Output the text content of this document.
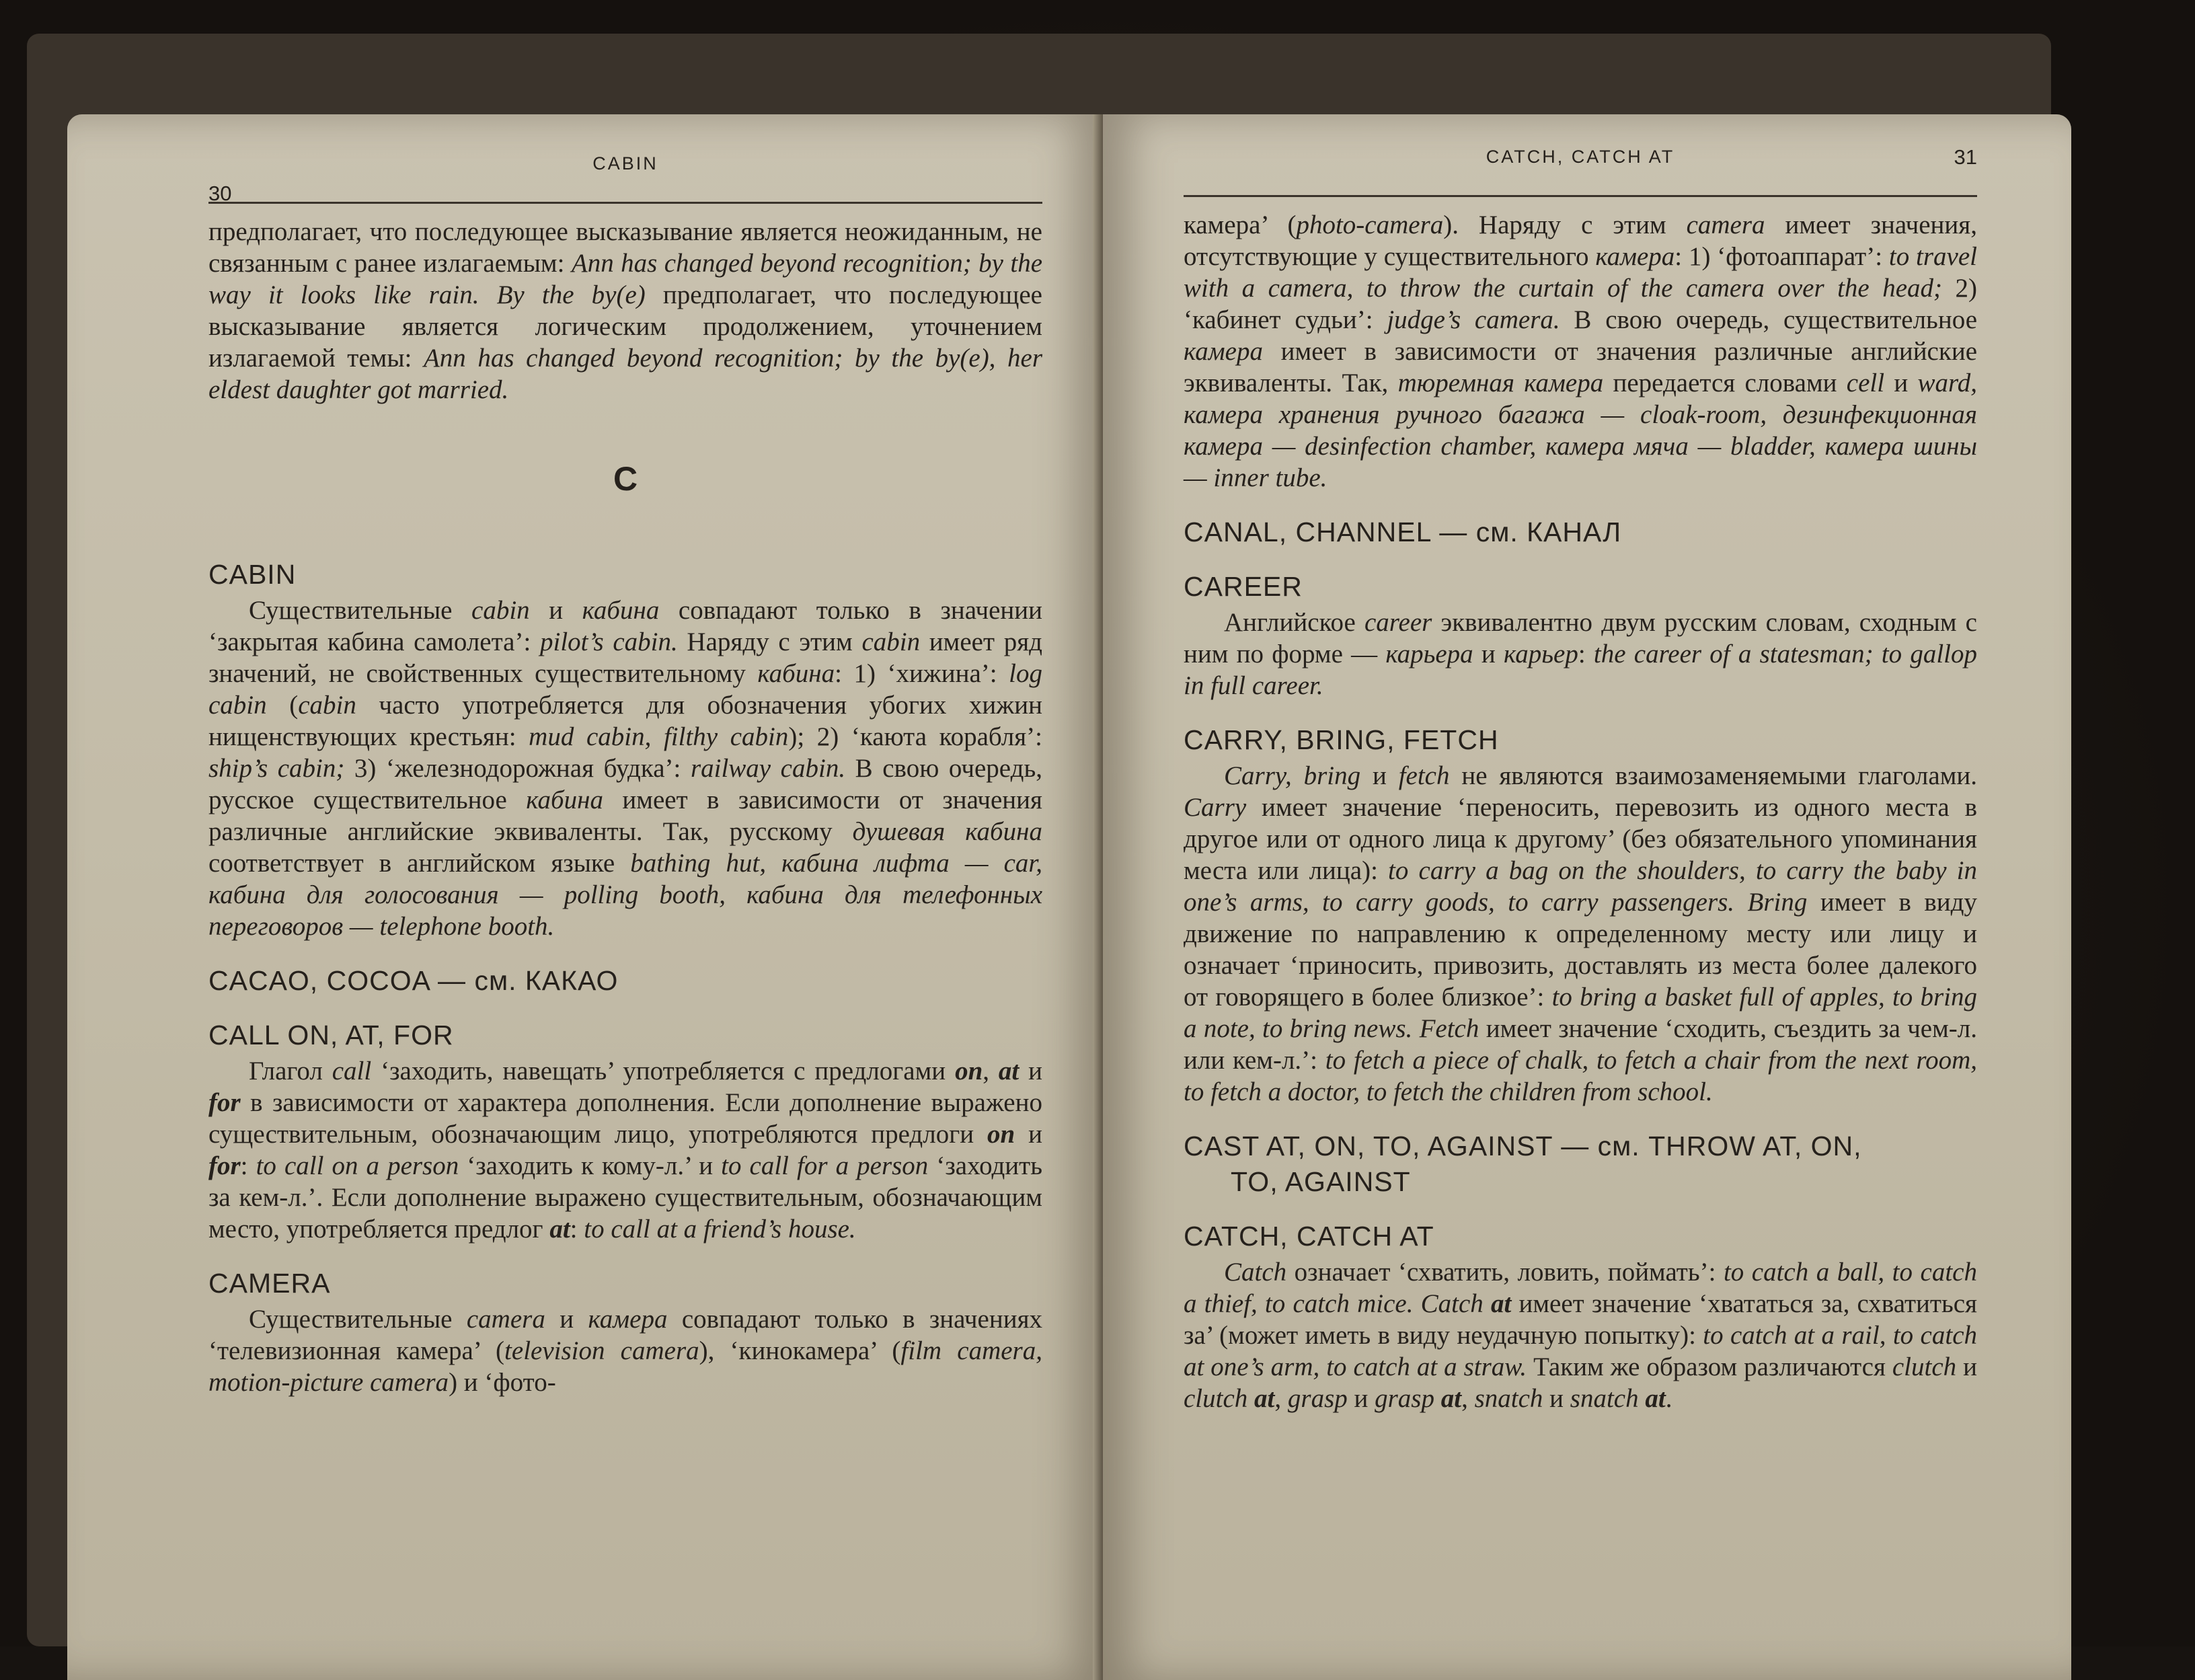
30
CABIN

предполагает, что последующее высказывание является неожиданным, не связанным с ранее излагаемым: Ann has changed beyond recognition; by the way it looks like rain. By the by(e) предполагает, что последующее высказывание является логическим продолжением, уточнением излагаемой темы: Ann has changed beyond recognition; by the by(e), her eldest daughter got married.

C
CABIN

Существительные cabin и кабина совпадают только в значении ‘закрытая кабина самолета’: pilot’s cabin. Наряду с этим cabin имеет ряд значений, не свойственных существительному кабина: 1) ‘хижина’: log cabin (cabin часто употребляется для обозначения убогих хижин нищенствующих крестьян: mud cabin, filthy cabin); 2) ‘каюта корабля’: ship’s cabin; 3) ‘железнодорожная будка’: railway cabin. В свою очередь, русское существительное кабина имеет в зависимости от значения различные английские эквиваленты. Так, русскому душевая кабина соответствует в английском языке bathing hut, кабина лифта — car, кабина для голосования — polling booth, кабина для телефонных переговоров — telephone booth.

CACAO, COCOA — см. КАКАО
CALL ON, AT, FOR

Глагол call ‘заходить, навещать’ употребляется с предлогами on, at и for в зависимости от характера дополнения. Если дополнение выражено существительным, обозначающим лицо, употребляются предлоги on и for: to call on a person ‘заходить к кому-л.’ и to call for a person ‘заходить за кем-л.’. Если дополнение выражено существительным, обозначающим место, употребляется предлог at: to call at a friend’s house.

CAMERA

Существительные camera и камера совпадают только в значениях ‘телевизионная камера’ (television camera), ‘кинокамера’ (film camera, motion-picture camera) и ‘фото-

CATCH, CATCH AT	31

камера’ (photo-camera). Наряду с этим camera имеет значения, отсутствующие у существительного камера: 1) ‘фотоаппарат’: to travel with a camera, to throw the curtain of the camera over the head; 2) ‘кабинет судьи’: judge’s camera. В свою очередь, существительное камера имеет в зависимости от значения различные английские эквиваленты. Так, тюремная камера передается словами cell и ward, камера хранения ручного багажа — cloak-room, дезинфекционная камера — desinfection chamber, камера мяча — bladder, камера шины — inner tube.

CANAL, CHANNEL — см. КАНАЛ
CAREER

Английское career эквивалентно двум русским словам, сходным с ним по форме — карьера и карьер: the career of a statesman; to gallop in full career.

CARRY, BRING, FETCH

Carry, bring и fetch не являются взаимозаменяемыми глаголами. Carry имеет значение ‘переносить, перевозить из одного места в другое или от одного лица к другому’ (без обязательного упоминания места или лица): to carry a bag on the shoulders, to carry the baby in one’s arms, to carry goods, to carry passengers. Bring имеет в виду движение по направлению к определенному месту или лицу и означает ‘приносить, привозить, доставлять из места более далекого от говорящего в более близкое’: to bring a basket full of apples, to bring a note, to bring news. Fetch имеет значение ‘сходить, съездить за чем-л. или кем-л.’: to fetch a piece of chalk, to fetch a chair from the next room, to fetch a doctor, to fetch the children from school.

CAST AT, ON, TO, AGAINST — см. THROW AT, ON,
TO, AGAINST
CATCH, CATCH AT

Catch означает ‘схватить, ловить, поймать’: to catch a ball, to catch a thief, to catch mice. Catch at имеет значение ‘хвататься за, схватиться за’ (может иметь в виду неудачную попытку): to catch at a rail, to catch at one’s arm, to catch at a straw. Таким же образом различаются clutch и clutch at, grasp и grasp at, snatch и snatch at.
